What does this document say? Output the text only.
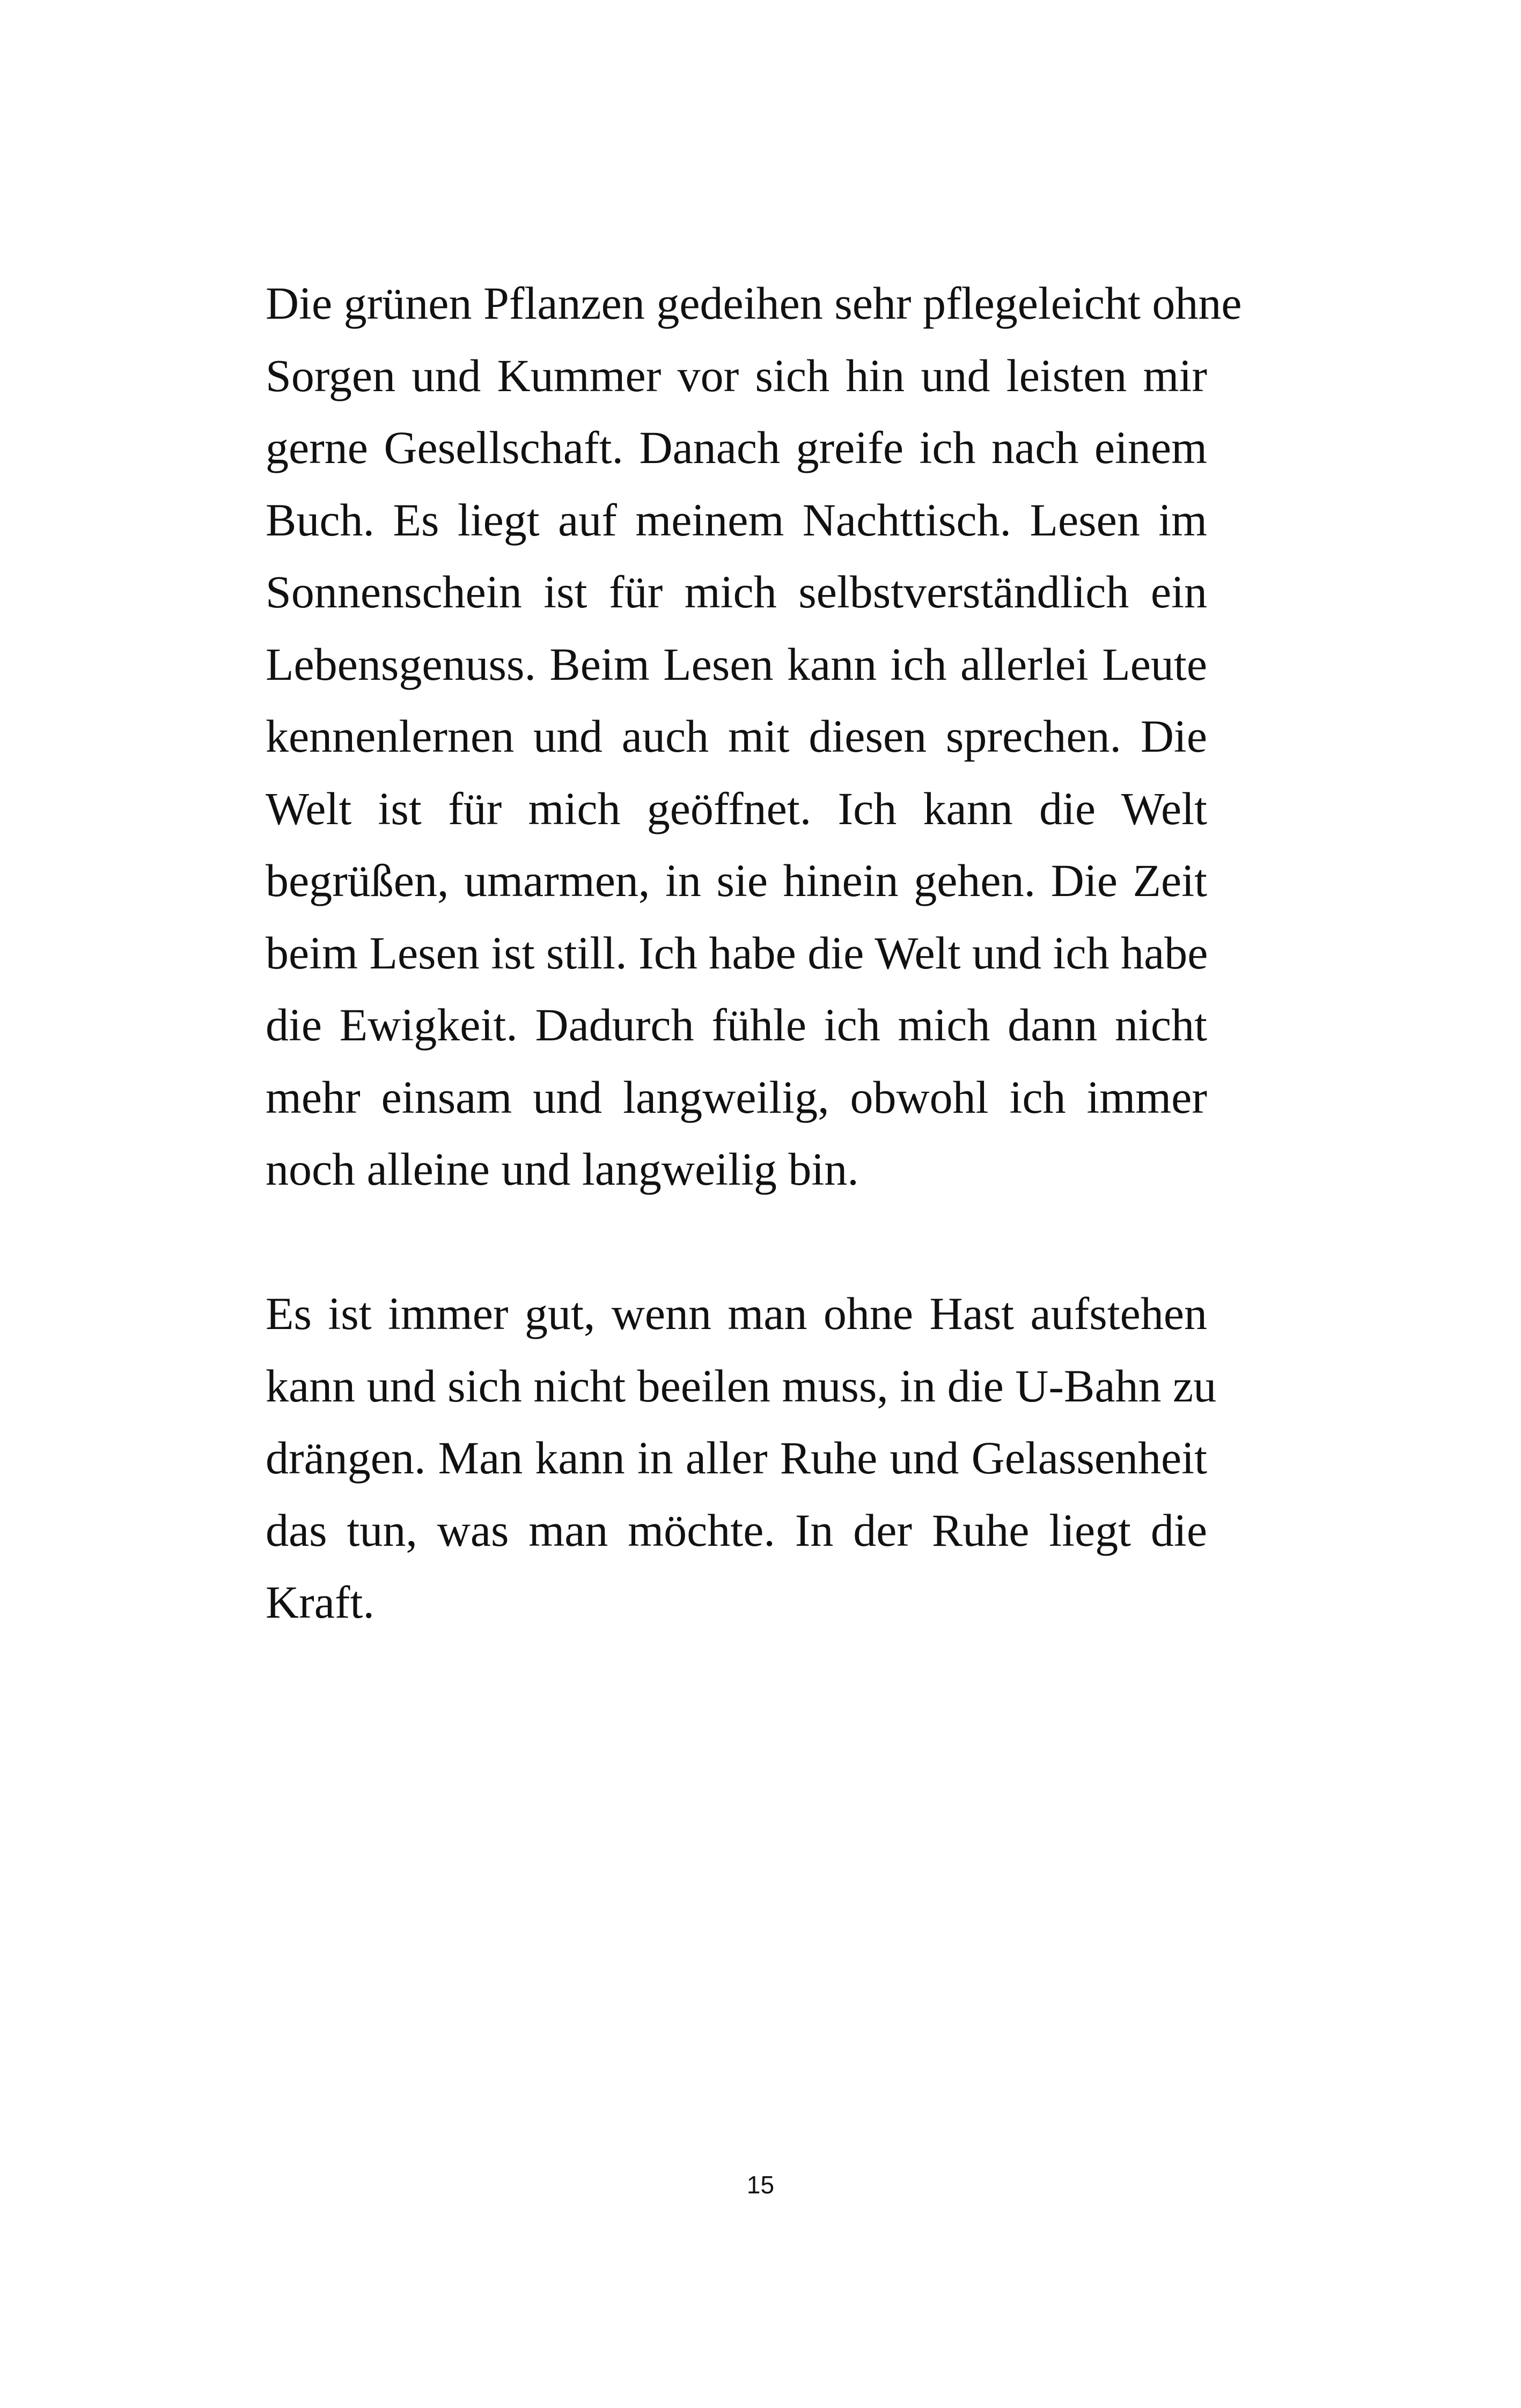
Die grünen Pflanzen gedeihen sehr pflegeleicht ohne
Sorgen und Kummer vor sich hin und leisten mir
gerne Gesellschaft. Danach greife ich nach einem
Buch. Es liegt auf meinem Nachttisch. Lesen im
Sonnenschein ist für mich selbstverständlich ein
Lebensgenuss. Beim Lesen kann ich allerlei Leute
kennenlernen und auch mit diesen sprechen. Die
Welt ist für mich geöffnet. Ich kann die Welt
begrüßen, umarmen, in sie hinein gehen. Die Zeit
beim Lesen ist still. Ich habe die Welt und ich habe
die Ewigkeit. Dadurch fühle ich mich dann nicht
mehr einsam und langweilig, obwohl ich immer
noch alleine und langweilig bin.
Es ist immer gut, wenn man ohne Hast aufstehen
kann und sich nicht beeilen muss, in die U-Bahn zu
drängen. Man kann in aller Ruhe und Gelassenheit
das tun, was man möchte. In der Ruhe liegt die
Kraft.
15
